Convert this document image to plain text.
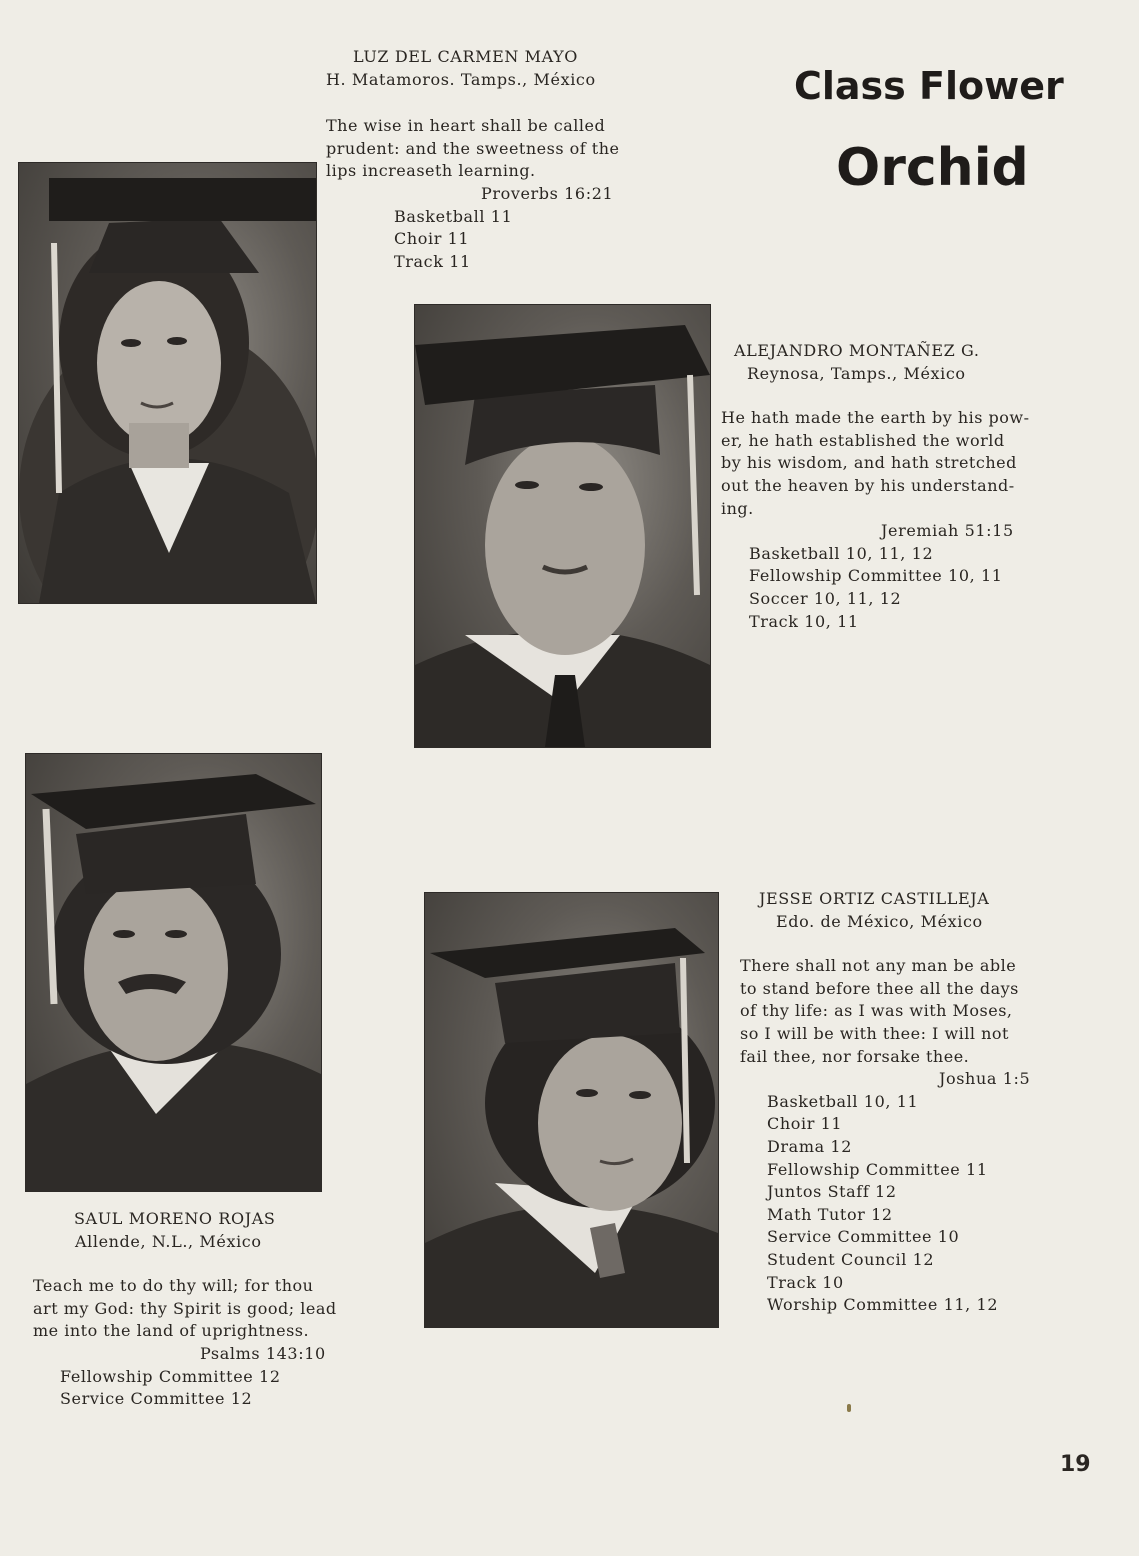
Class Flower
Orchid
LUZ DEL CARMEN MAYO
H. Matamoros. Tamps., México
The wise in heart shall be called
prudent: and the sweetness of the
lips increaseth learning.
Proverbs 16:21
Basketball 11
Choir 11
Track 11
ALEJANDRO MONTAÑEZ G.
Reynosa, Tamps., México
He hath made the earth by his pow-
er, he hath established the world
by his wisdom, and hath stretched
out the heaven by his understand-
ing.
Jeremiah 51:15
Basketball 10, 11, 12
Fellowship Committee 10, 11
Soccer 10, 11, 12
Track 10, 11
SAUL MORENO ROJAS
Allende, N.L., México
Teach me to do thy will; for thou
art my God: thy Spirit is good; lead
me into the land of uprightness.
Psalms 143:10
Fellowship Committee 12
Service Committee 12
JESSE ORTIZ CASTILLEJA
Edo. de México, México
There shall not any man be able
to stand before thee all the days
of thy life: as I was with Moses,
so I will be with thee: I will not
fail thee, nor forsake thee.
Joshua 1:5
Basketball 10, 11
Choir 11
Drama 12
Fellowship Committee 11
Juntos Staff 12
Math Tutor 12
Service Committee 10
Student Council 12
Track 10
Worship Committee 11, 12
19
